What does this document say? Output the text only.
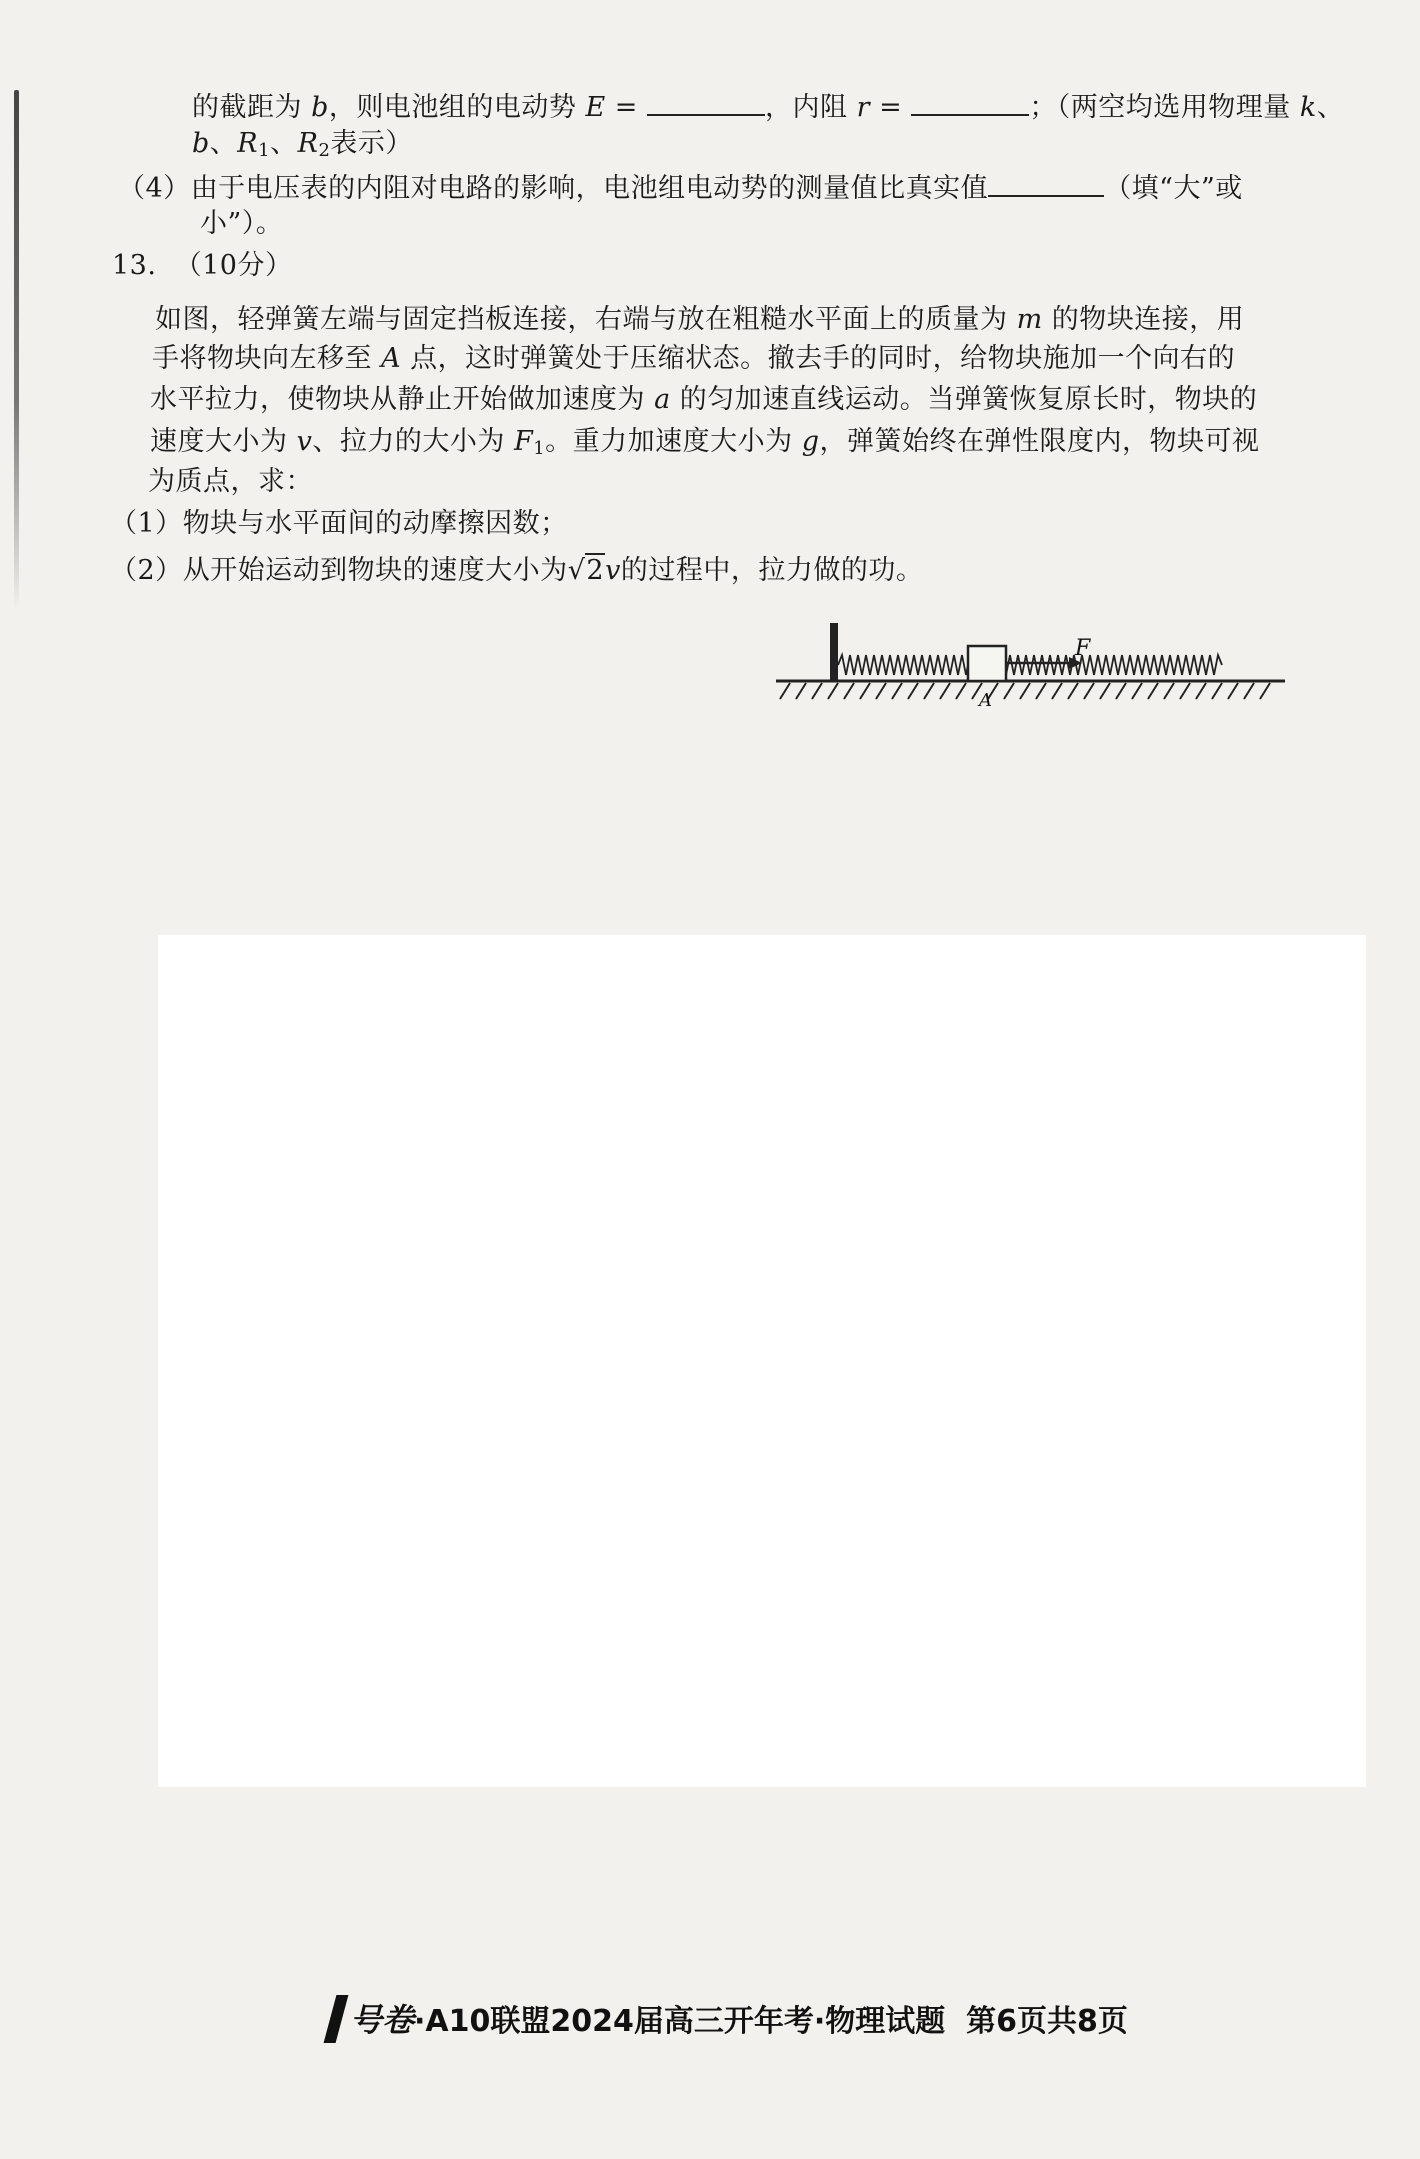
的截距为 b，则电池组的电动势 E =	，内阻 r =	；（两空均选用物理量 k、
b、$R_1$、$R_2$表示）
（4）由于电压表的内阻对电路的影响，电池组电动势的测量值比真实值	（填“大”或
小”）。
13. （10分）
如图，轻弹簧左端与固定挡板连接，右端与放在粗糙水平面上的质量为 m 的物块连接，用
手将物块向左移至 A 点，这时弹簧处于压缩状态。撤去手的同时，给物块施加一个向右的
水平拉力，使物块从静止开始做加速度为 a 的匀加速直线运动。当弹簧恢复原长时，物块的
速度大小为 v、拉力的大小为 $F_1$。重力加速度大小为 g，弹簧始终在弹性限度内，物块可视
为质点，求：
（1）物块与水平面间的动摩擦因数；
（2）从开始运动到物块的速度大小为√2v的过程中，拉力做的功。
F
A
号卷·A10联盟2024届高三开年考·物理试题 第6页共8页
